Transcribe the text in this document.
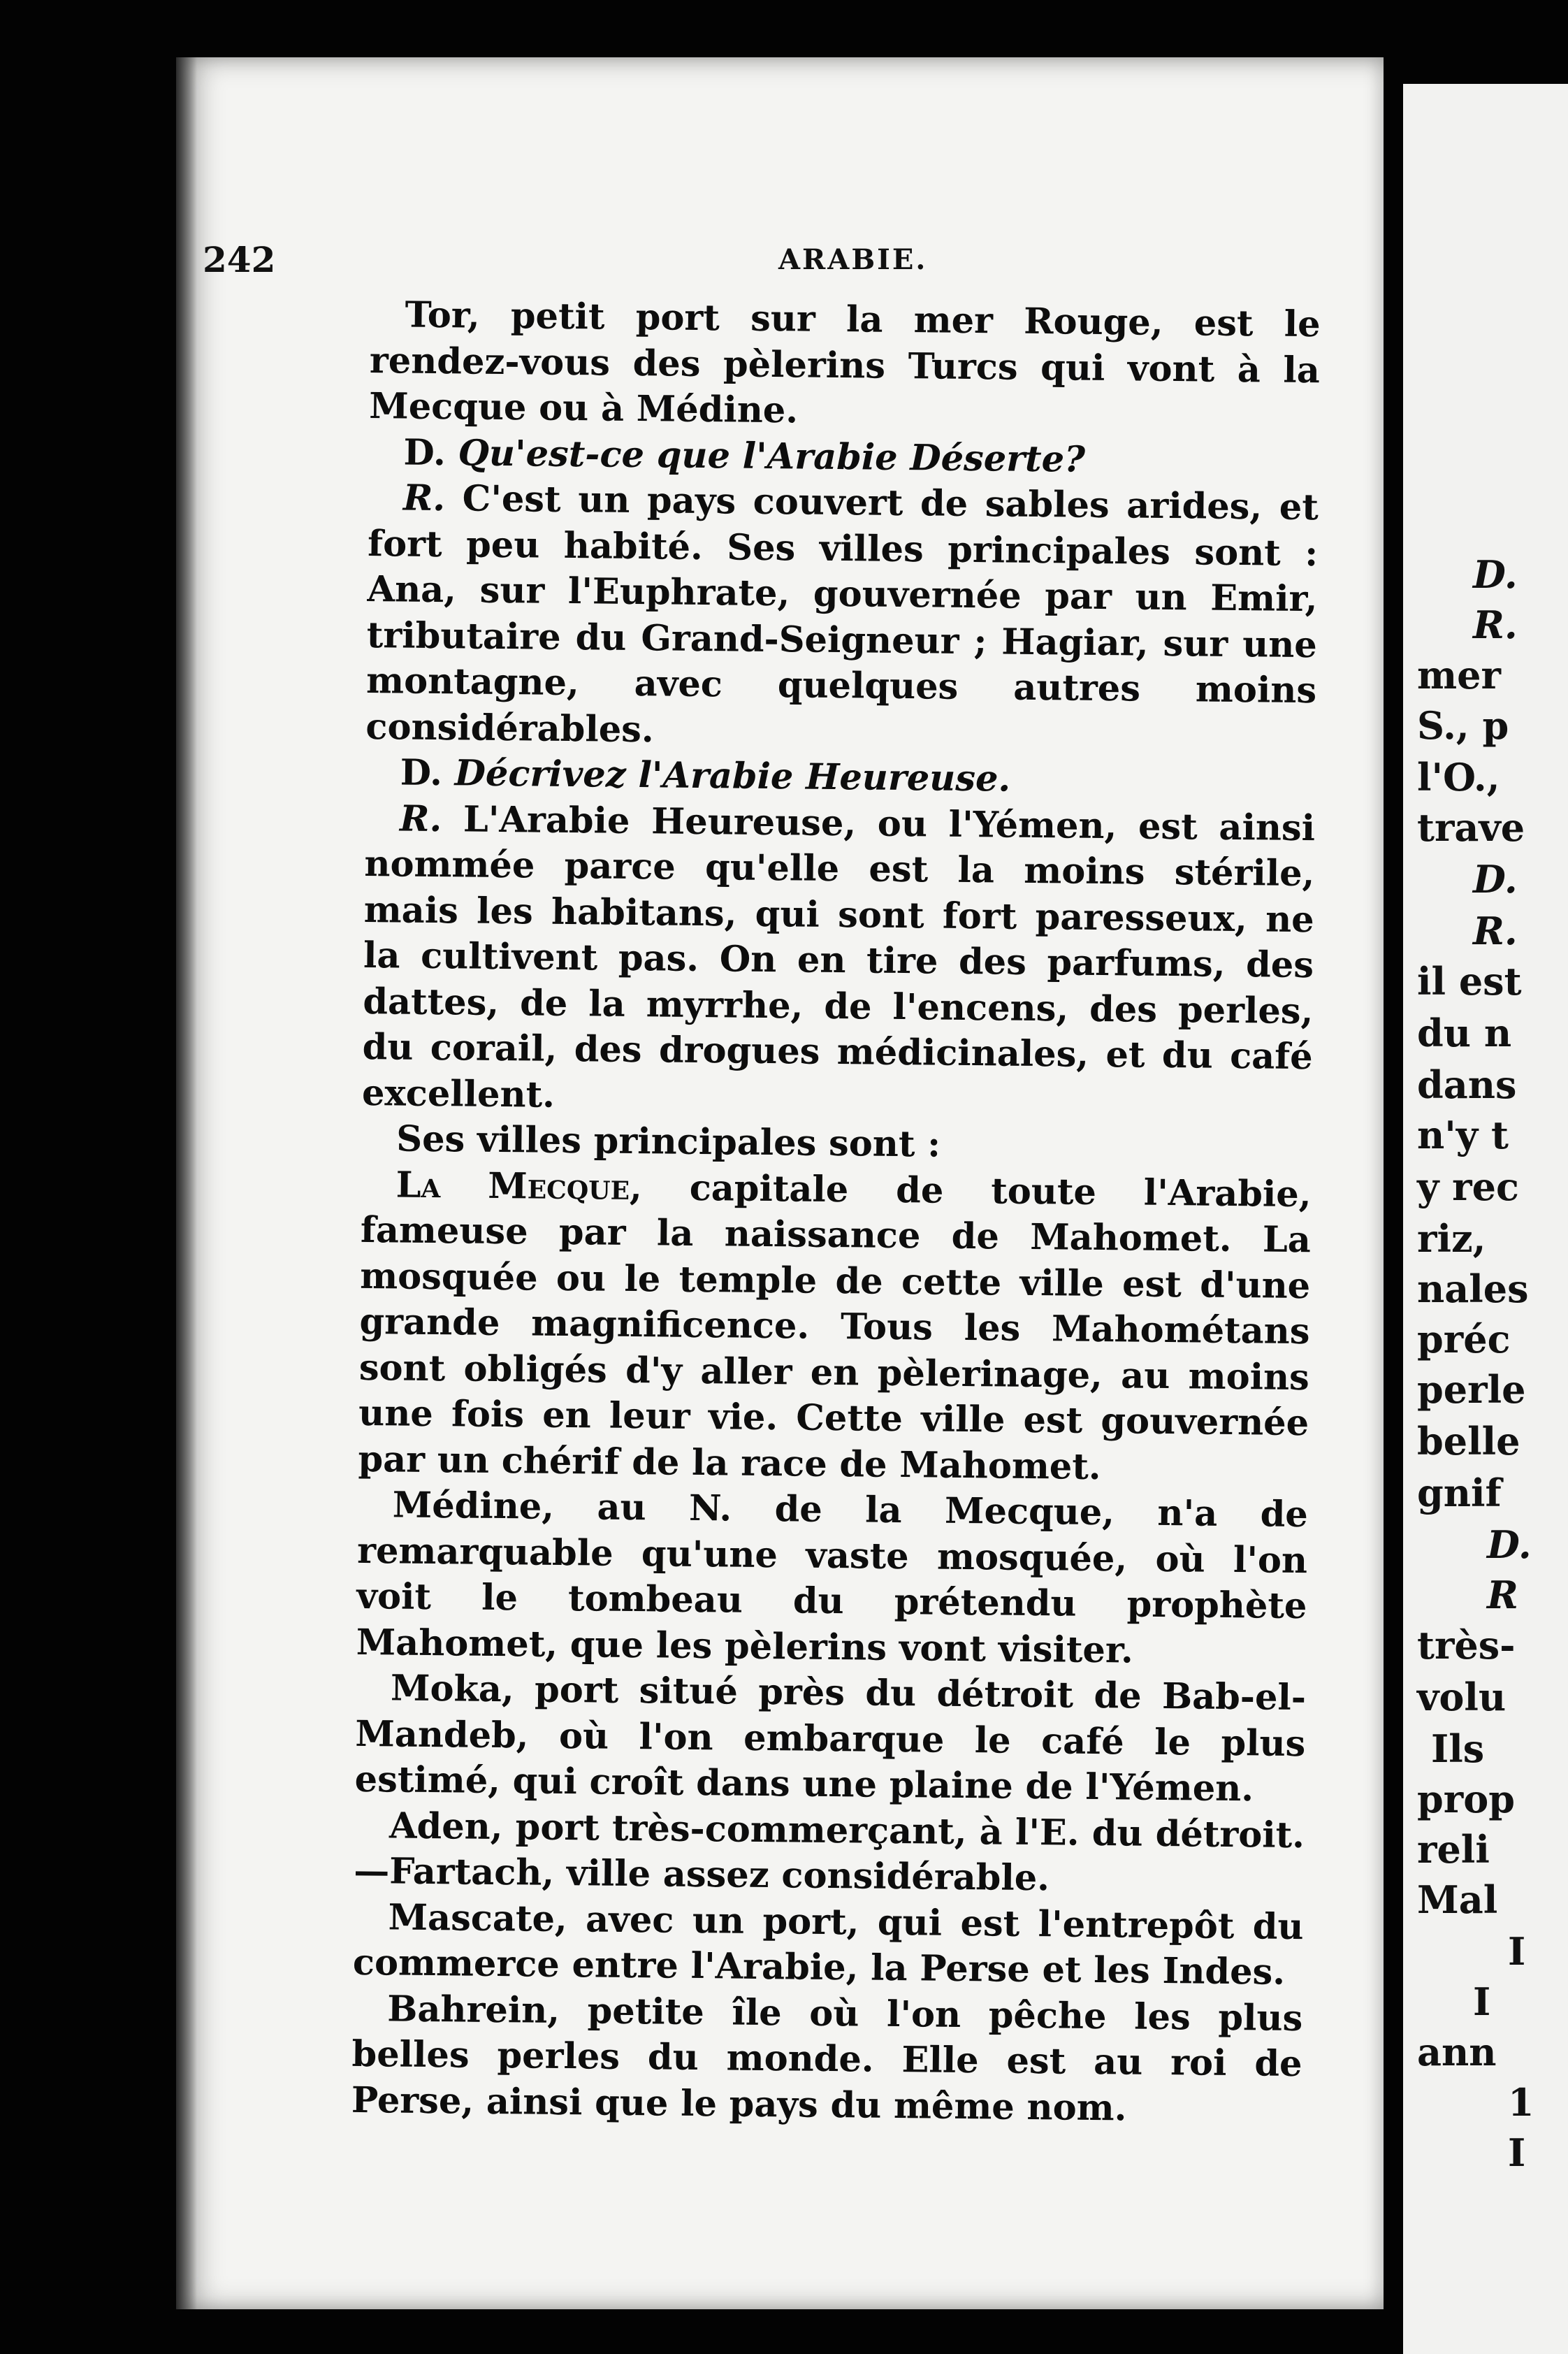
242	ARABIE.

Tor, petit port sur la mer Rouge, est le rendez-vous des pèlerins Turcs qui vont à la Mecque ou à Médine.

D. Qu'est-ce que l'Arabie Déserte?

R. C'est un pays couvert de sables arides, et fort peu habité. Ses villes principales sont : Ana, sur l'Euphrate, gouvernée par un Emir, tributaire du Grand-Seigneur ; Hagiar, sur une montagne, avec quelques autres moins considérables.

D. Décrivez l'Arabie Heureuse.

R. L'Arabie Heureuse, ou l'Yémen, est ainsi nommée parce qu'elle est la moins stérile, mais les habitans, qui sont fort paresseux, ne la cultivent pas. On en tire des parfums, des dattes, de la myrrhe, de l'encens, des perles, du corail, des drogues médicinales, et du café excellent.

Ses villes principales sont :

La Mecque, capitale de toute l'Arabie, fameuse par la naissance de Mahomet. La mosquée ou le temple de cette ville est d'une grande magnificence. Tous les Mahométans sont obligés d'y aller en pèlerinage, au moins une fois en leur vie. Cette ville est gouvernée par un chérif de la race de Mahomet.

Médine, au N. de la Mecque, n'a de remarquable qu'une vaste mosquée, où l'on voit le tombeau du prétendu prophète Mahomet, que les pèlerins vont visiter.

Moka, port situé près du détroit de Bab-el-Mandeb, où l'on embarque le café le plus estimé, qui croît dans une plaine de l'Yémen.

Aden, port très-commerçant, à l'E. du détroit. —Fartach, ville assez considérable.

Mascate, avec un port, qui est l'entrepôt du commerce entre l'Arabie, la Perse et les Indes.

Bahrein, petite île où l'on pêche les plus belles perles du monde. Elle est au roi de Perse, ainsi que le pays du même nom.

D.
R.
mer
S., p
l'O.,
trave
D.
R.
il est
du n
dans
n'y t
y rec
riz,
nales
préc
perle
belle
gnif
D.
R
très-
volu
Ils
prop
reli
Mal
I
I
ann
1
I
